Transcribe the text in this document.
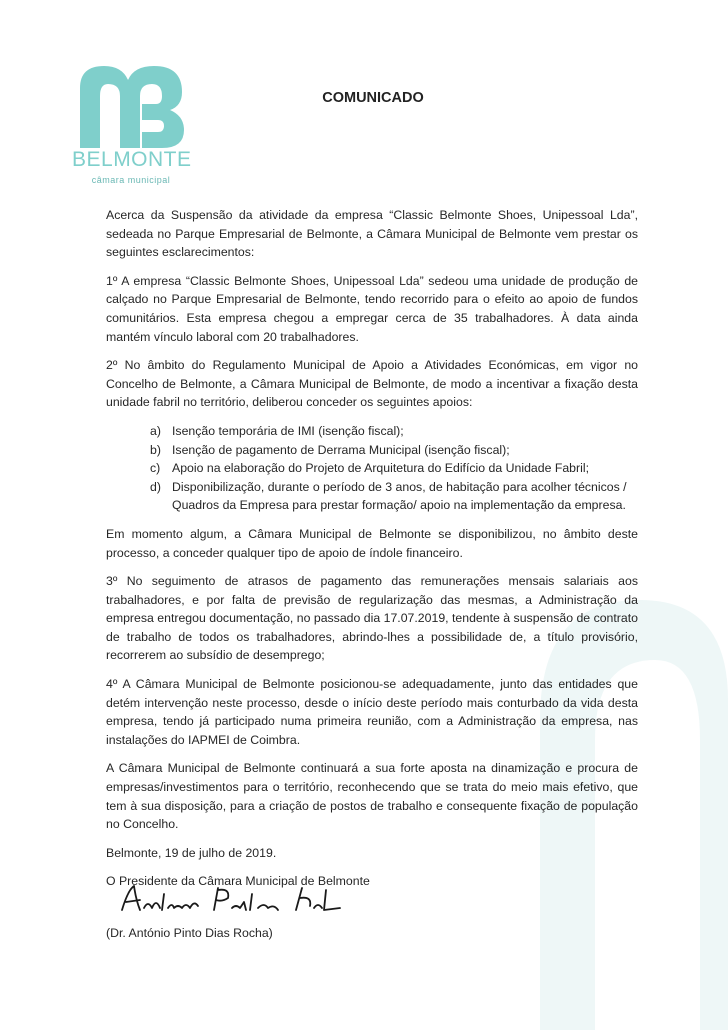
BELMONTE
câmara municipal
COMUNICADO

Acerca da Suspensão da atividade da empresa “Classic Belmonte Shoes, Unipessoal Lda”, sedeada no Parque Empresarial de Belmonte, a Câmara Municipal de Belmonte vem prestar os seguintes esclarecimentos:

1º A empresa “Classic Belmonte Shoes, Unipessoal Lda” sedeou uma unidade de produção de calçado no Parque Empresarial de Belmonte, tendo recorrido para o efeito ao apoio de fundos comunitários. Esta empresa chegou a empregar cerca de 35 trabalhadores. À data ainda mantém vínculo laboral com 20 trabalhadores.

2º No âmbito do Regulamento Municipal de Apoio a Atividades Económicas, em vigor no Concelho de Belmonte, a Câmara Municipal de Belmonte, de modo a incentivar a fixação desta unidade fabril no território, deliberou conceder os seguintes apoios:

a) Isenção temporária de IMI (isenção fiscal);
b) Isenção de pagamento de Derrama Municipal (isenção fiscal);
c) Apoio na elaboração do Projeto de Arquitetura do Edifício da Unidade Fabril;
d) Disponibilização, durante o período de 3 anos, de habitação para acolher técnicos / Quadros da Empresa para prestar formação/ apoio na implementação da empresa.

Em momento algum, a Câmara Municipal de Belmonte se disponibilizou, no âmbito deste processo, a conceder qualquer tipo de apoio de índole financeiro.

3º No seguimento de atrasos de pagamento das remunerações mensais salariais aos trabalhadores, e por falta de previsão de regularização das mesmas, a Administração da empresa entregou documentação, no passado dia 17.07.2019, tendente à suspensão de contrato de trabalho de todos os trabalhadores, abrindo-lhes a possibilidade de, a título provisório, recorrerem ao subsídio de desemprego;

4º A Câmara Municipal de Belmonte posicionou-se adequadamente, junto das entidades que detém intervenção neste processo, desde o início deste período mais conturbado da vida desta empresa, tendo já participado numa primeira reunião, com a Administração da empresa, nas instalações do IAPMEI de Coimbra.

A Câmara Municipal de Belmonte continuará a sua forte aposta na dinamização e procura de empresas/investimentos para o território, reconhecendo que se trata do meio mais efetivo, que tem à sua disposição, para a criação de postos de trabalho e consequente fixação de população no Concelho.

Belmonte, 19 de julho de 2019.

O Presidente da Câmara Municipal de Belmonte

(Dr. António Pinto Dias Rocha)
